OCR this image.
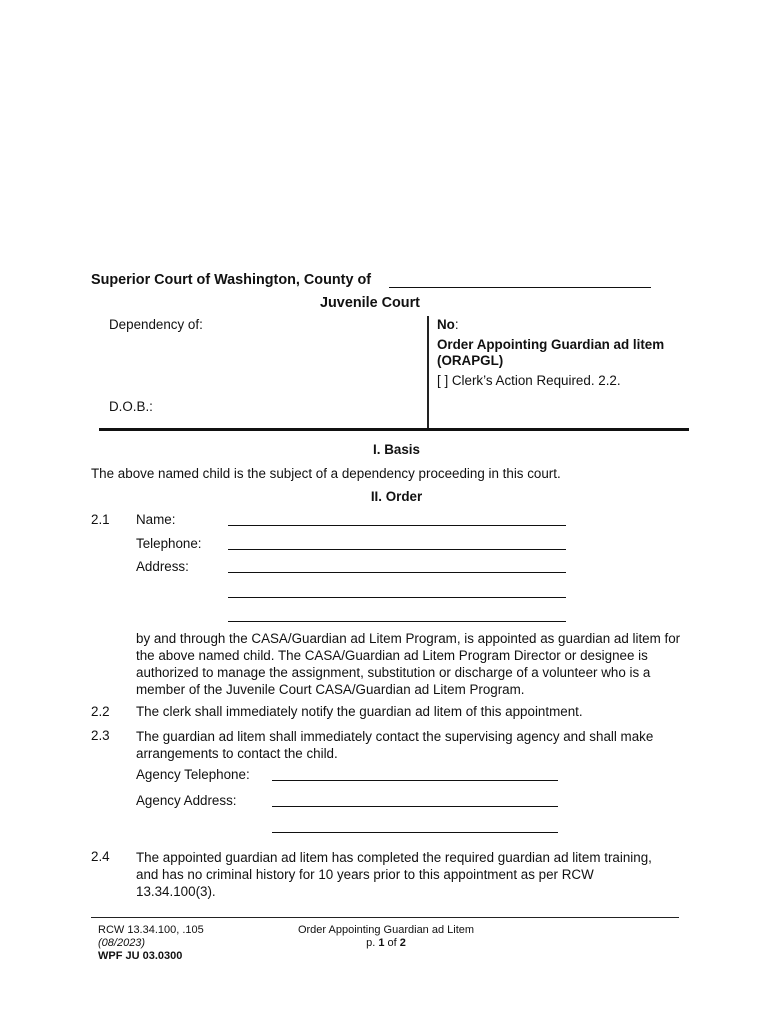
Superior Court of Washington, County of
Juvenile Court
Dependency of:
D.O.B.:
No:
Order Appointing Guardian ad litem
(ORAPGL)
[ ] Clerk’s Action Required. 2.2.
I. Basis
The above named child is the subject of a dependency proceeding in this court.
II. Order
2.1 Name:
Telephone:
Address:
by and through the CASA/Guardian ad Litem Program, is appointed as guardian ad litem for
the above named child. The CASA/Guardian ad Litem Program Director or designee is
authorized to manage the assignment, substitution or discharge of a volunteer who is a
member of the Juvenile Court CASA/Guardian ad Litem Program.
2.2 The clerk shall immediately notify the guardian ad litem of this appointment.
2.3 The guardian ad litem shall immediately contact the supervising agency and shall make
arrangements to contact the child.
Agency Telephone:
Agency Address:
2.4 The appointed guardian ad litem has completed the required guardian ad litem training,
and has no criminal history for 10 years prior to this appointment as per RCW
13.34.100(3).
RCW 13.34.100, .105
(08/2023)
WPF JU 03.0300
Order Appointing Guardian ad Litem
p. 1 of 2
